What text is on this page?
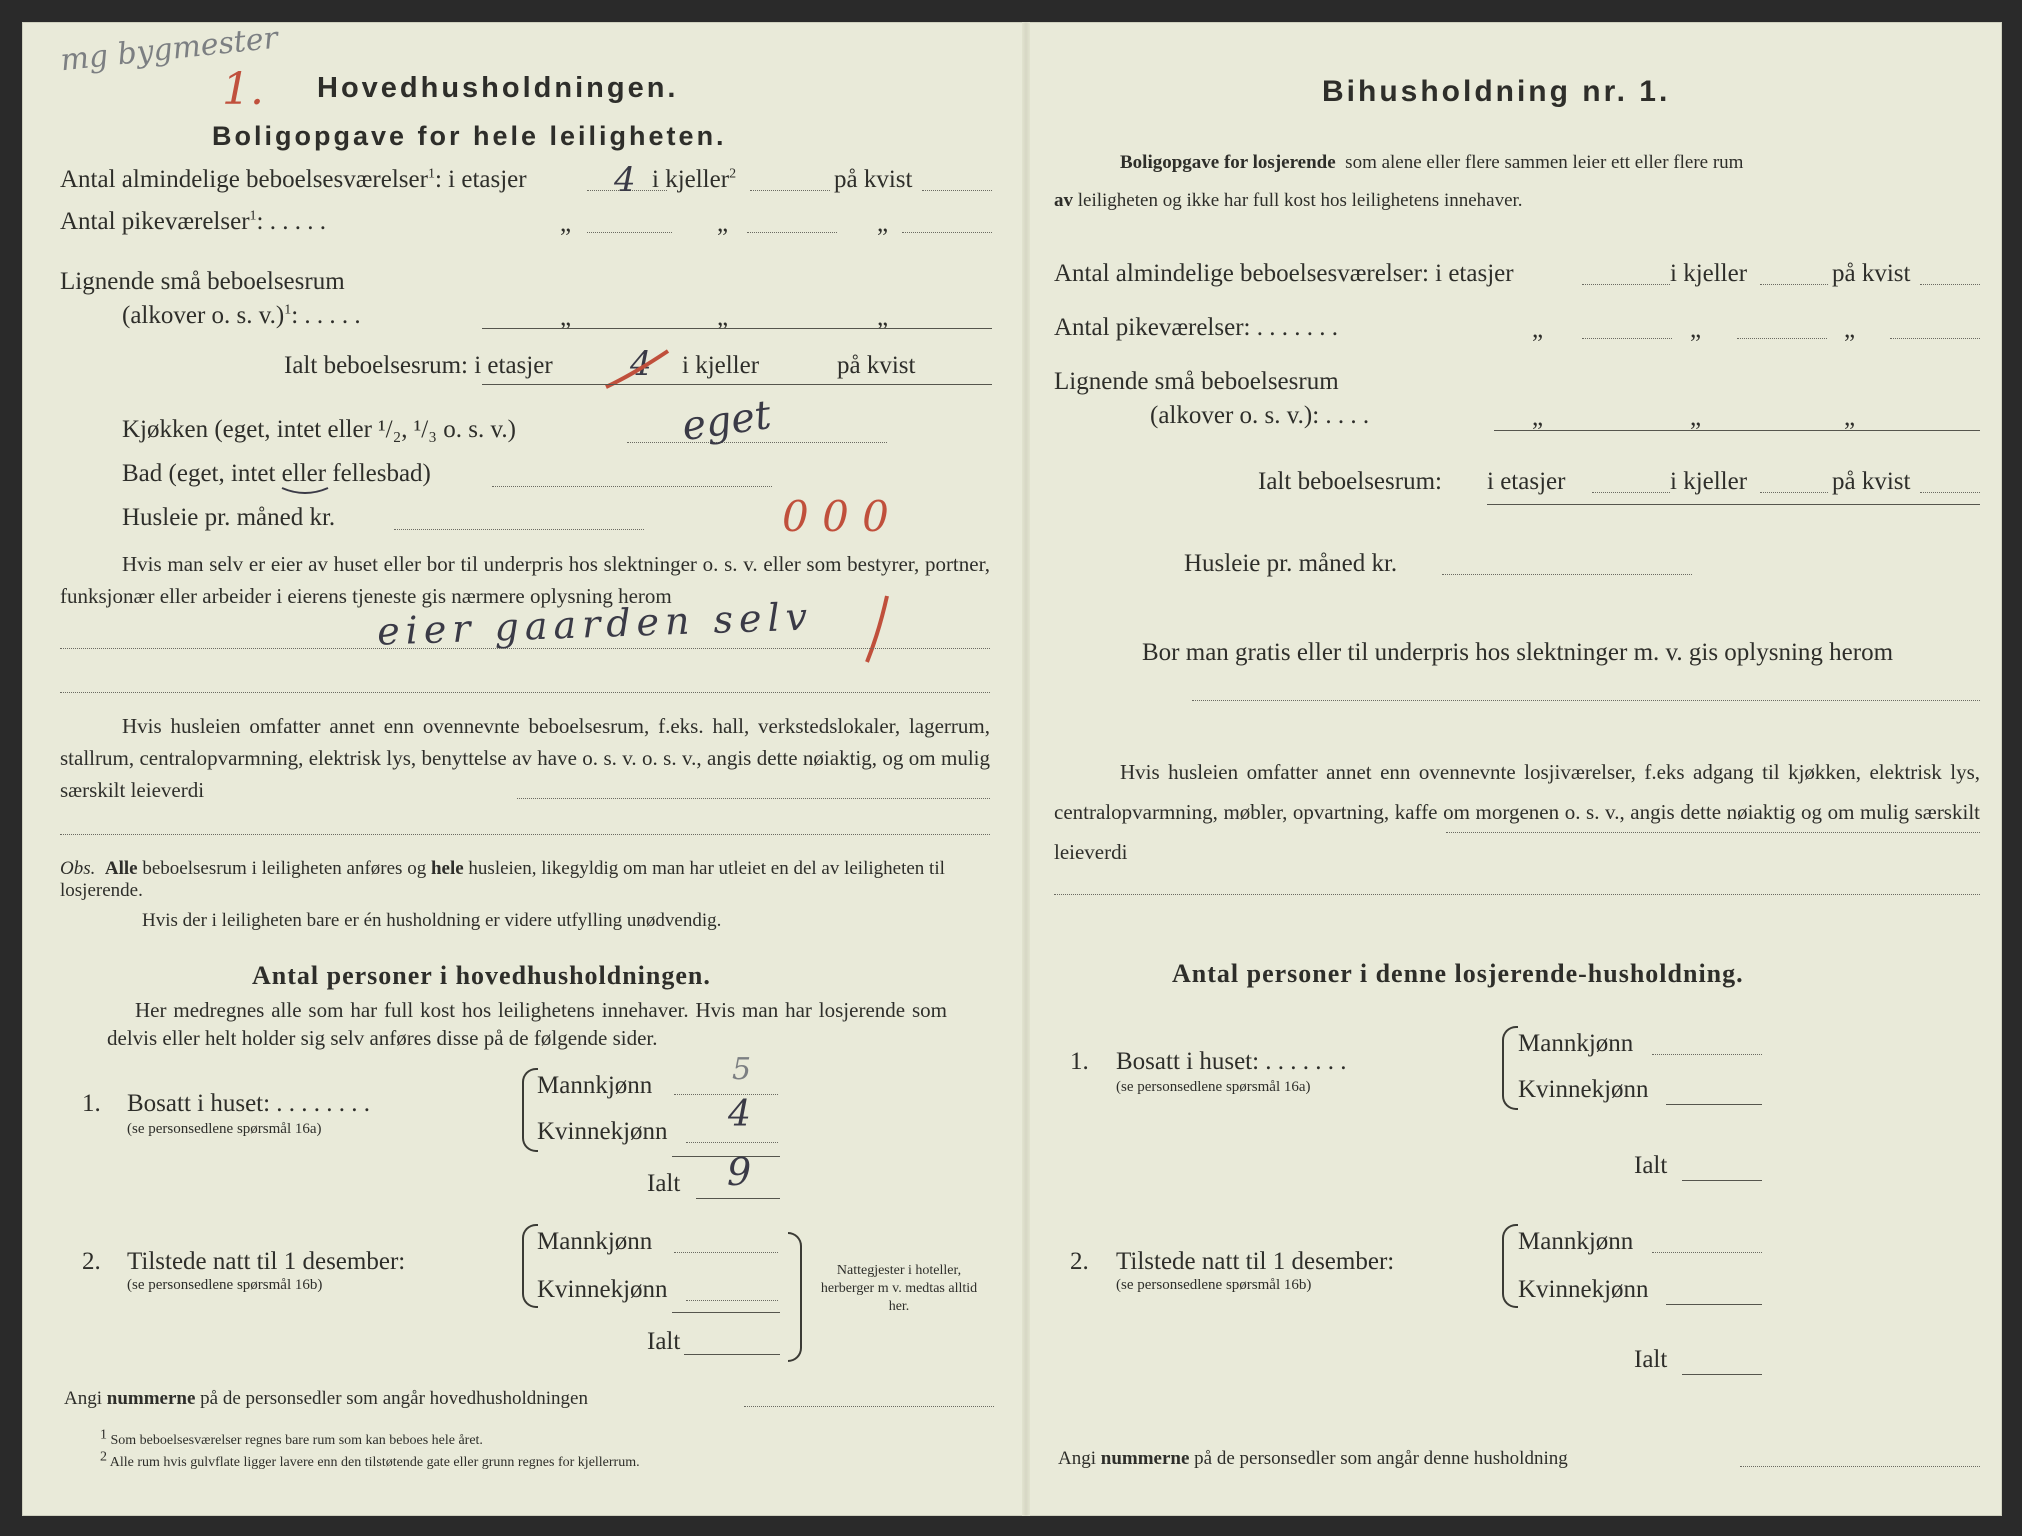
mg bygmester
1. Hovedhusholdningen.
Boligopgave for hele leiligheten.
Antal almindelige beboelsesværelser$^1$: i etasjer	4 i kjeller$^2$	på kvist
Antal pikeværelser$^1$: . . . . .	„	„	„
Lignende små beboelsesrum
(alkover o. s. v.)$^1$: . . . . .	„	„	„
Ialt beboelsesrum: i etasjer 4 i kjeller	på kvist
Kjøkken (eget, intet eller ¹/₂, ¹/₃ o. s. v.)	eget
Bad (eget, intet eller fellesbad)
Husleie pr. måned kr.	0 0 0
Hvis man selv er eier av huset eller bor til underpris hos slektninger o. s. v. eller som bestyrer, portner, funksjonær eller arbeider i eierens tjeneste gis nærmere oplysning herom
eier gaarden selv
Hvis husleien omfatter annet enn ovennevnte beboelsesrum, f.eks. hall, verkstedslokaler, lagerrum, stallrum, centralopvarmning, elektrisk lys, benyttelse av have o. s. v. o. s. v., angis dette nøiaktig, og om mulig særskilt leieverdi
Obs. Alle beboelsesrum i leiligheten anføres og hele husleien, likegyldig om man har utleiet en del av leiligheten til losjerende.
Hvis der i leiligheten bare er én husholdning er videre utfylling unødvendig.
Antal personer i hovedhusholdningen.
Her medregnes alle som har full kost hos leilighetens innehaver. Hvis man har losjerende som delvis eller helt holder sig selv anføres disse på de følgende sider.
1. Bosatt i huset: . . . . . . . .
(se personsedlene spørsmål 16a)
Mannkjønn	5
Kvinnekjønn 4
Ialt 9
2. Tilstede natt til 1 desember:
(se personsedlene spørsmål 16b)
Mannkjønn
Kvinnekjønn
Ialt
Nattegjester i hoteller, herberger m v. medtas alltid her.
Angi nummerne på de personsedler som angår hovedhusholdningen
1 Som beboelsesværelser regnes bare rum som kan beboes hele året.
2 Alle rum hvis gulvflate ligger lavere enn den tilstøtende gate eller grunn regnes for kjellerrum.
Bihusholdning nr. 1.
Boligopgave for losjerende som alene eller flere sammen leier ett eller flere rum
av leiligheten og ikke har full kost hos leilighetens innehaver.
Antal almindelige beboelsesværelser: i etasjer	i kjeller	på kvist
Antal pikeværelser: . . . . . . .	„	„	„
Lignende små beboelsesrum
(alkover o. s. v.): . . . .	„	„	„
Ialt beboelsesrum: i etasjer	i kjeller	på kvist
Husleie pr. måned kr.
Bor man gratis eller til underpris hos slektninger m. v. gis oplysning herom
Hvis husleien omfatter annet enn ovennevnte losjiværelser, f.eks adgang til kjøkken, elektrisk lys, centralopvarmning, møbler, opvartning, kaffe om morgenen o. s. v., angis dette nøiaktig og om mulig særskilt leieverdi
Antal personer i denne losjerende-husholdning.
1. Bosatt i huset: . . . . . . .
(se personsedlene spørsmål 16a)
Mannkjønn
Kvinnekjønn
Ialt
2. Tilstede natt til 1 desember:
(se personsedlene spørsmål 16b)
Mannkjønn
Kvinnekjønn
Ialt
Angi nummerne på de personsedler som angår denne husholdning
